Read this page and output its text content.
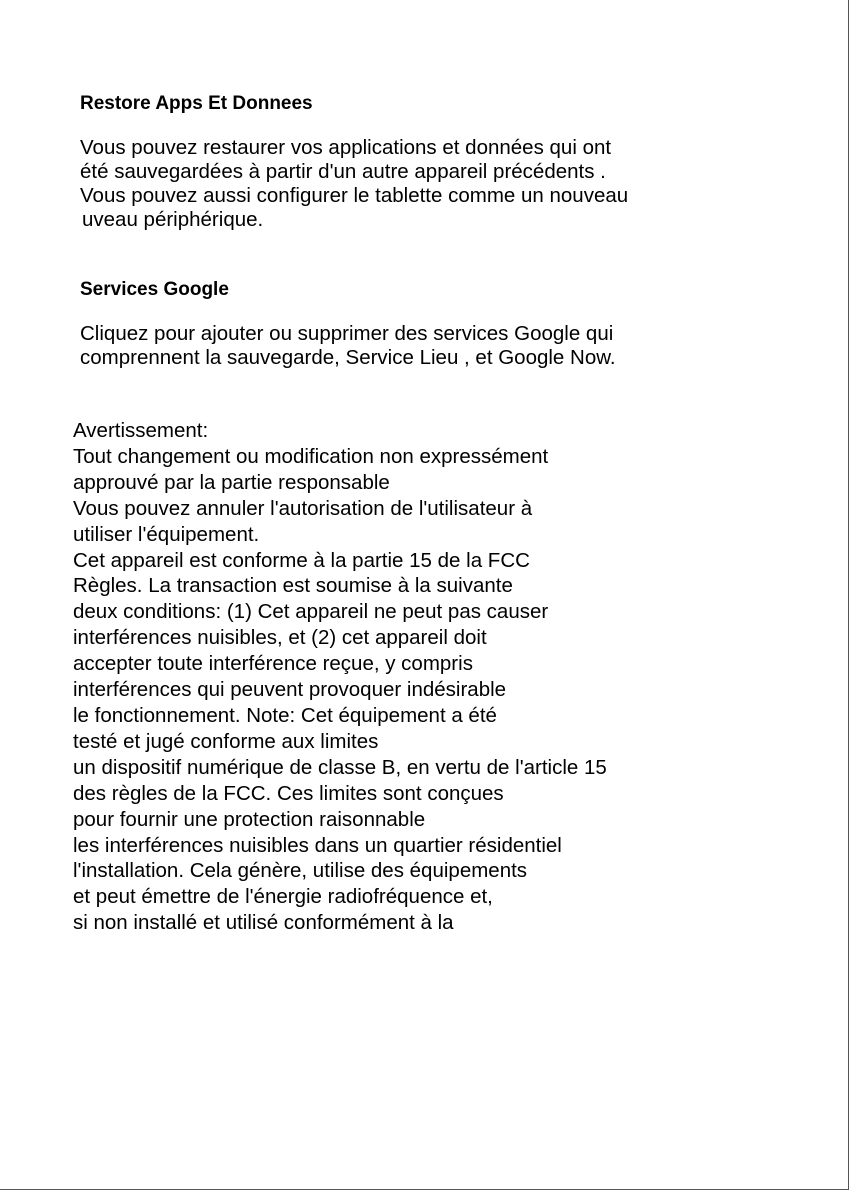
Restore Apps Et Donnees
Vous pouvez restaurer vos applications et données qui ont
été sauvegardées à partir d'un autre appareil précédents .
Vous pouvez aussi configurer le tablette comme un nouveau
uveau périphérique.
Services Google
Cliquez pour ajouter ou supprimer des services Google qui
comprennent la sauvegarde, Service Lieu , et Google Now.
Avertissement:
Tout changement ou modification non expressément
approuvé par la partie responsable
Vous pouvez annuler l'autorisation de l'utilisateur à
utiliser l'équipement.
Cet appareil est conforme à la partie 15 de la FCC
Règles. La transaction est soumise à la suivante
deux conditions: (1) Cet appareil ne peut pas causer
interférences nuisibles, et (2) cet appareil doit
accepter toute interférence reçue, y compris
interférences qui peuvent provoquer indésirable
le fonctionnement. Note: Cet équipement a été
testé et jugé conforme aux limites
un dispositif numérique de classe B, en vertu de l'article 15
des règles de la FCC. Ces limites sont conçues
pour fournir une protection raisonnable
les interférences nuisibles dans un quartier résidentiel
l'installation. Cela génère, utilise des équipements
et peut émettre de l'énergie radiofréquence et,
si non installé et utilisé conformément à la
